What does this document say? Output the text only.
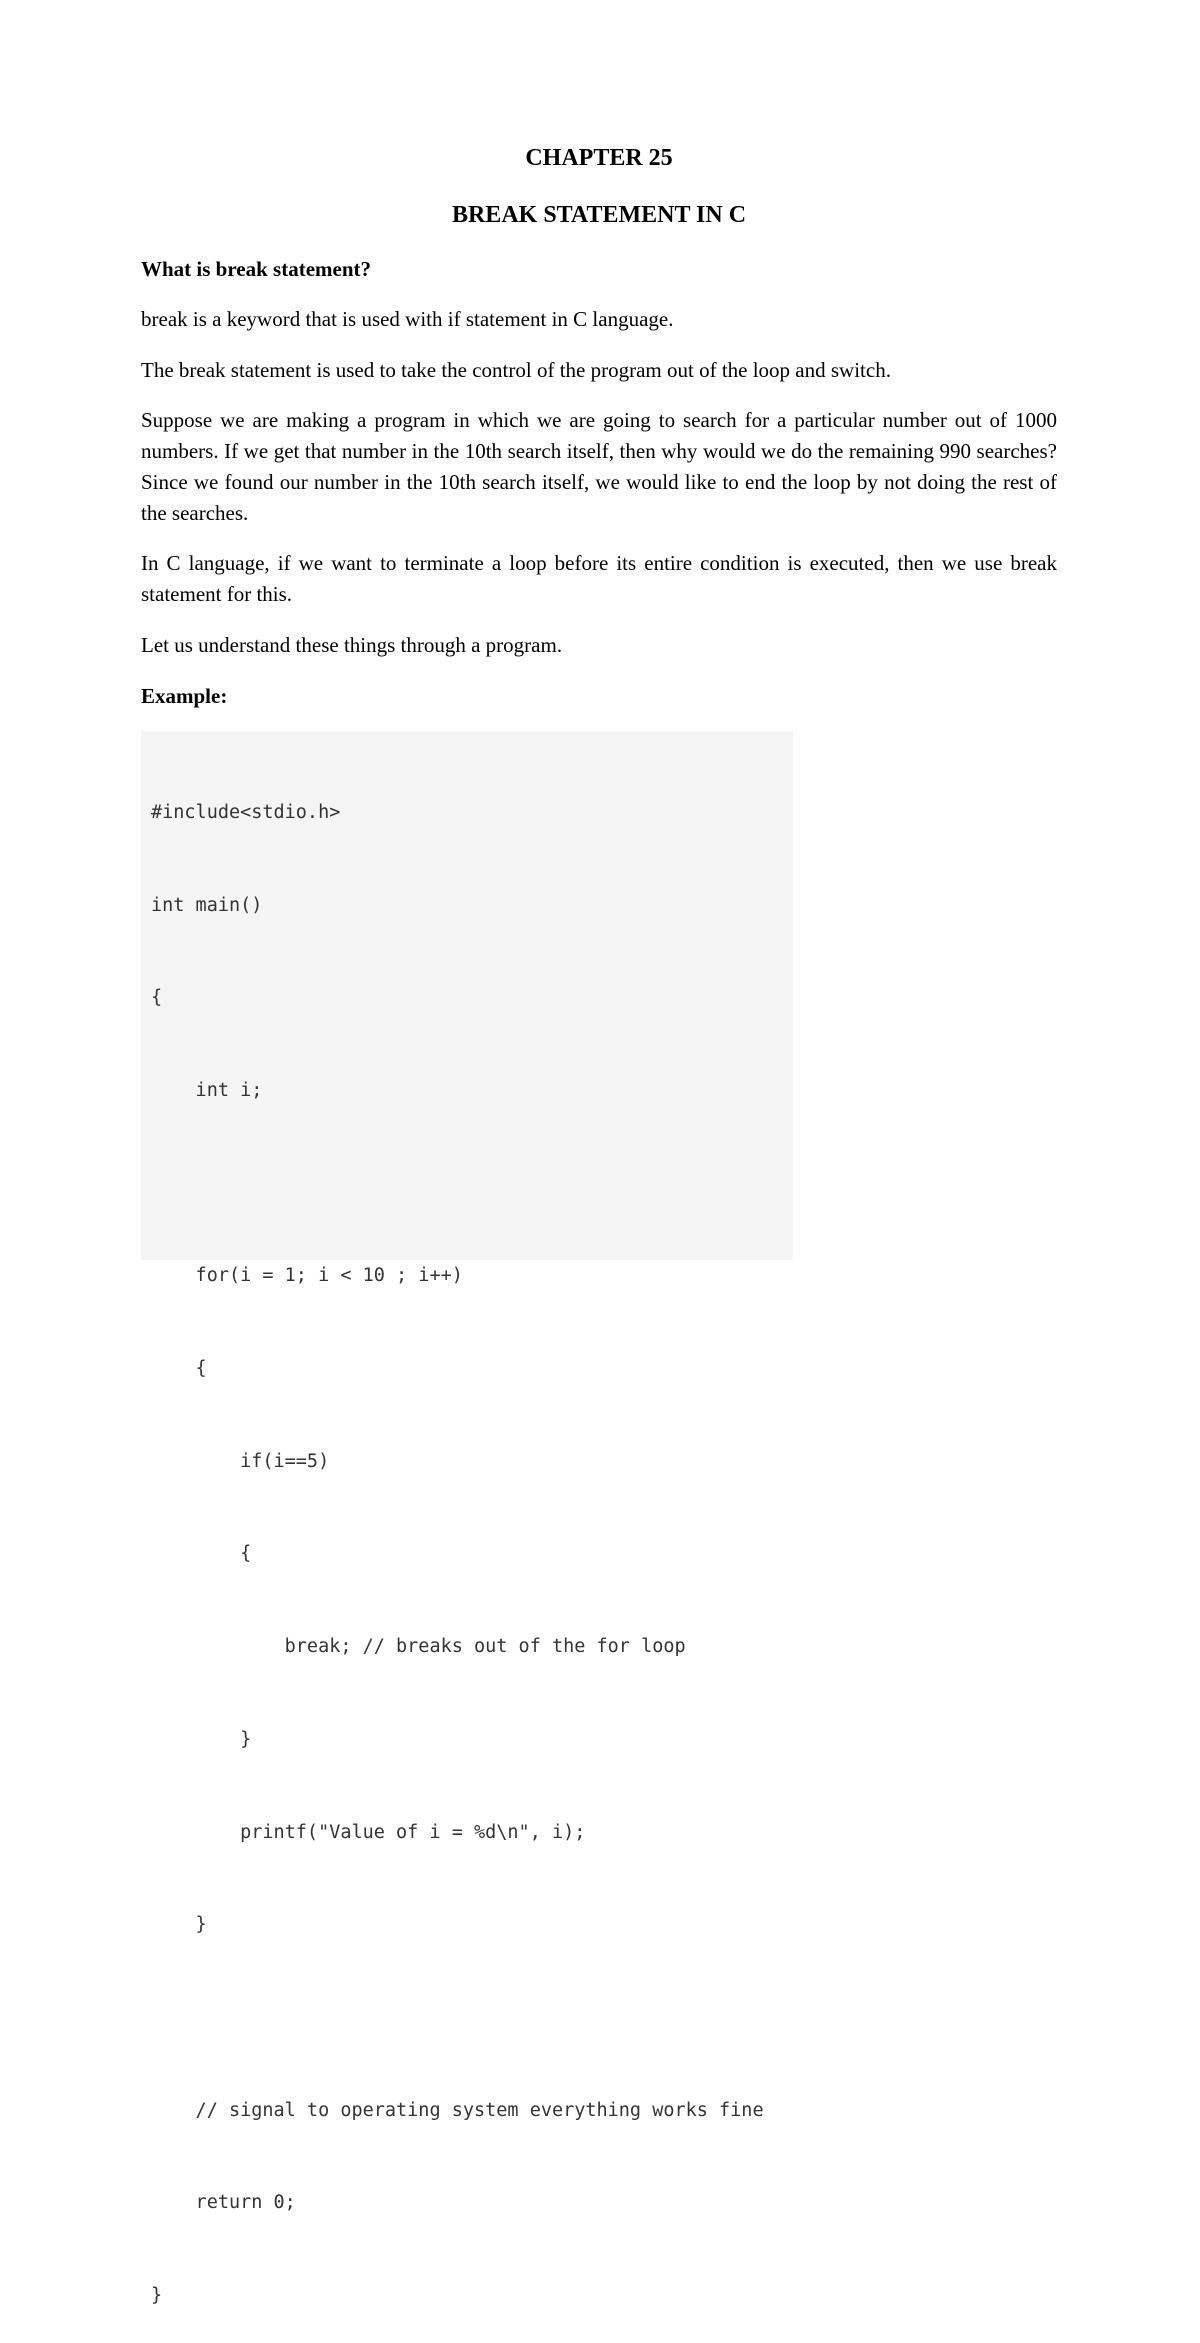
CHAPTER 25
BREAK STATEMENT IN C

What is break statement?

break is a keyword that is used with if statement in C language.

The break statement is used to take the control of the program out of the loop and switch.

Suppose we are making a program in which we are going to search for a particular number out of 1000 numbers. If we get that number in the 10th search itself, then why would we do the remaining 990 searches? Since we found our number in the 10th search itself, we would like to end the loop by not doing the rest of the searches.

In C language, if we want to terminate a loop before its entire condition is executed, then we use break statement for this.

Let us understand these things through a program.

Example:

#include<stdio.h>

int main()

{

int i;

for(i = 1; i < 10 ; i++)

{

if(i==5)

{

break; // breaks out of the for loop

}

printf("Value of i = %d\n", i);

}

// signal to operating system everything works fine

return 0;

}
